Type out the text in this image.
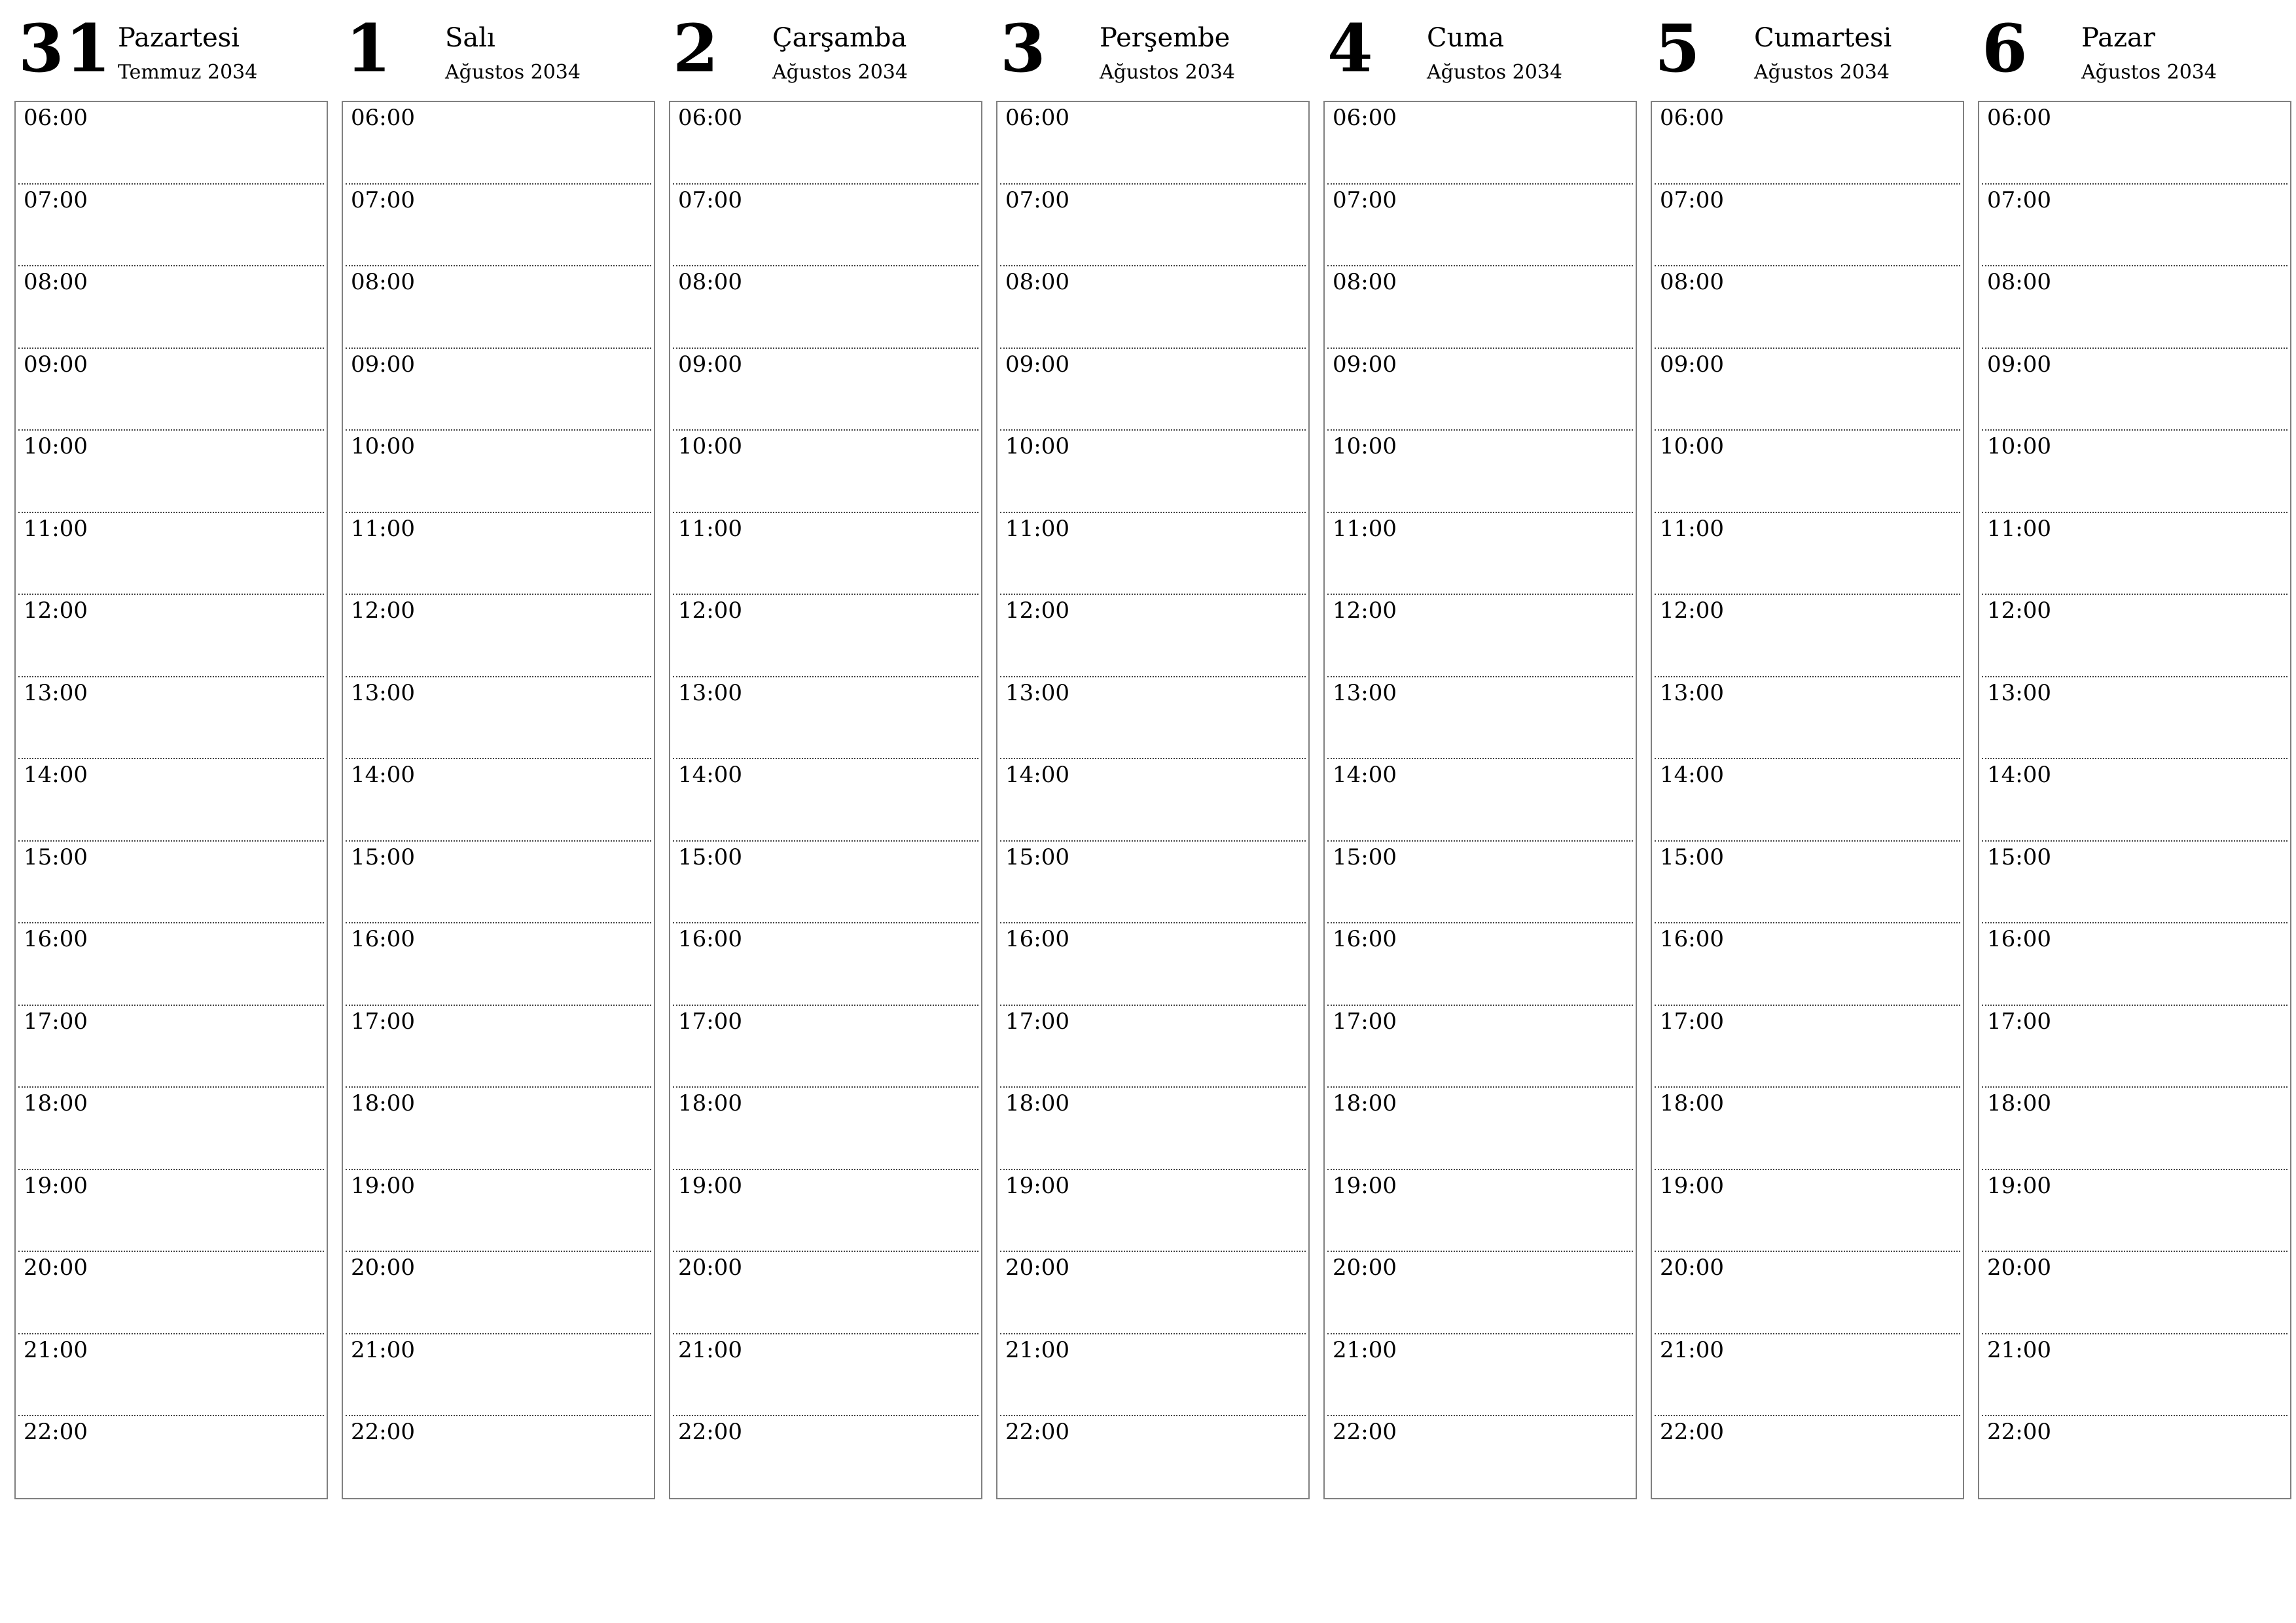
31 Pazartesi
Temmuz 2034
06:00
07:00
08:00
09:00
10:00
11:00
12:00
13:00
14:00
15:00
16:00
17:00
18:00
19:00
20:00
21:00
22:00
1 Salı
Ağustos 2034
06:00
07:00
08:00
09:00
10:00
11:00
12:00
13:00
14:00
15:00
16:00
17:00
18:00
19:00
20:00
21:00
22:00
2 Çarşamba
Ağustos 2034
06:00
07:00
08:00
09:00
10:00
11:00
12:00
13:00
14:00
15:00
16:00
17:00
18:00
19:00
20:00
21:00
22:00
3 Perşembe
Ağustos 2034
06:00
07:00
08:00
09:00
10:00
11:00
12:00
13:00
14:00
15:00
16:00
17:00
18:00
19:00
20:00
21:00
22:00
4 Cuma
Ağustos 2034
06:00
07:00
08:00
09:00
10:00
11:00
12:00
13:00
14:00
15:00
16:00
17:00
18:00
19:00
20:00
21:00
22:00
5 Cumartesi
Ağustos 2034
06:00
07:00
08:00
09:00
10:00
11:00
12:00
13:00
14:00
15:00
16:00
17:00
18:00
19:00
20:00
21:00
22:00
6 Pazar
Ağustos 2034
06:00
07:00
08:00
09:00
10:00
11:00
12:00
13:00
14:00
15:00
16:00
17:00
18:00
19:00
20:00
21:00
22:00
